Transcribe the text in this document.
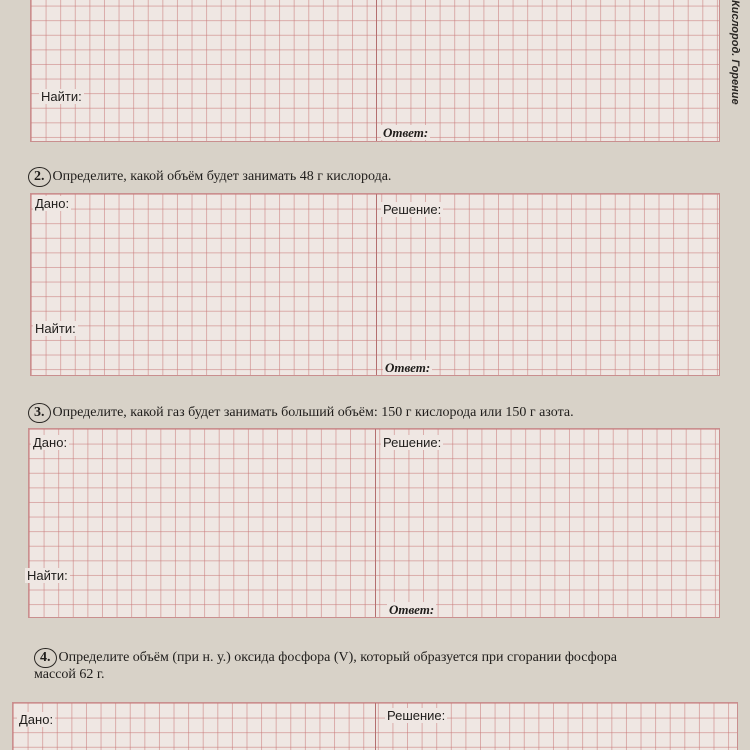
Кислород. Горение
Найти:
Ответ:
2. Определите, какой объём будет занимать 48 г кислорода.
Дано:	Решение:
Найти:
Ответ:
3. Определите, какой газ будет занимать больший объём: 150 г кислорода или 150 г азота.
Дано:	Решение:
Найти:
Ответ:
4. Определите объём (при н. у.) оксида фосфора (V), который образуется при сгорании фосфора
массой 62 г.
Дано:	Решение:
